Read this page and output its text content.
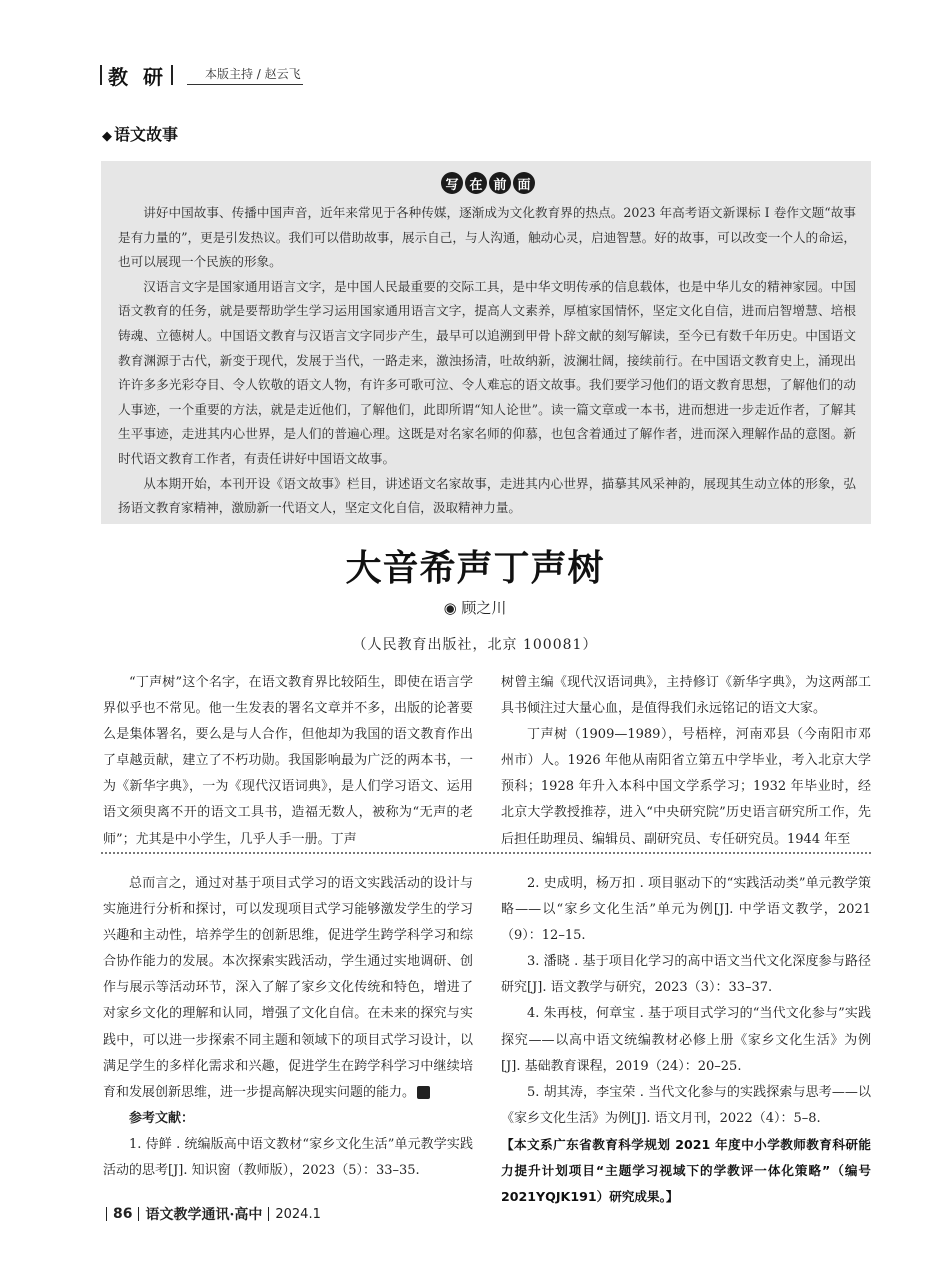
教 研	本版主持 / 赵云飞
◆ 语文故事
写 在 前 面

讲好中国故事、传播中国声音，近年来常见于各种传媒，逐渐成为文化教育界的热点。2023 年高考语文新课标 Ⅰ 卷作文题“故事是有力量的”，更是引发热议。我们可以借助故事，展示自己，与人沟通，触动心灵，启迪智慧。好的故事，可以改变一个人的命运，也可以展现一个民族的形象。

汉语言文字是国家通用语言文字，是中国人民最重要的交际工具，是中华文明传承的信息载体，也是中华儿女的精神家园。中国语文教育的任务，就是要帮助学生学习运用国家通用语言文字，提高人文素养，厚植家国情怀，坚定文化自信，进而启智增慧、培根铸魂、立德树人。中国语文教育与汉语言文字同步产生，最早可以追溯到甲骨卜辞文献的刻写解读，至今已有数千年历史。中国语文教育渊源于古代，新变于现代，发展于当代，一路走来，激浊扬清，吐故纳新，波澜壮阔，接续前行。在中国语文教育史上，涌现出许许多多光彩夺目、令人钦敬的语文人物，有许多可歌可泣、令人难忘的语文故事。我们要学习他们的语文教育思想，了解他们的动人事迹，一个重要的方法，就是走近他们，了解他们，此即所谓“知人论世”。读一篇文章或一本书，进而想进一步走近作者，了解其生平事迹，走进其内心世界，是人们的普遍心理。这既是对名家名师的仰慕，也包含着通过了解作者，进而深入理解作品的意图。新时代语文教育工作者，有责任讲好中国语文故事。

从本期开始，本刊开设《语文故事》栏目，讲述语文名家故事，走进其内心世界，描摹其风采神韵，展现其生动立体的形象，弘扬语文教育家精神，激励新一代语文人，坚定文化自信，汲取精神力量。

大音希声丁声树
◉ 顾之川
（人民教育出版社，北京 100081）

“丁声树”这个名字，在语文教育界比较陌生，即使在语言学界似乎也不常见。他一生发表的署名文章并不多，出版的论著要么是集体署名，要么是与人合作，但他却为我国的语文教育作出了卓越贡献，建立了不朽功勋。我国影响最为广泛的两本书，一为《新华字典》，一为《现代汉语词典》，是人们学习语文、运用语文须臾离不开的语文工具书，造福无数人，被称为“无声的老师”；尤其是中小学生，几乎人手一册。丁声

树曾主编《现代汉语词典》，主持修订《新华字典》，为这两部工具书倾注过大量心血，是值得我们永远铭记的语文大家。

丁声树（1909—1989），号梧梓，河南邓县（今南阳市邓州市）人。1926 年他从南阳省立第五中学毕业，考入北京大学预科；1928 年升入本科中国文学系学习；1932 年毕业时，经北京大学教授推荐，进入“中央研究院”历史语言研究所工作，先后担任助理员、编辑员、副研究员、专任研究员。1944 年至

总而言之，通过对基于项目式学习的语文实践活动的设计与实施进行分析和探讨，可以发现项目式学习能够激发学生的学习兴趣和主动性，培养学生的创新思维，促进学生跨学科学习和综合协作能力的发展。本次探索实践活动，学生通过实地调研、创作与展示等活动环节，深入了解了家乡文化传统和特色，增进了对家乡文化的理解和认同，增强了文化自信。在未来的探究与实践中，可以进一步探索不同主题和领域下的项目式学习设计，以满足学生的多样化需求和兴趣，促进学生在跨学科学习中继续培育和发展创新思维，进一步提高解决现实问题的能力。 ❷

参考文献：

1. 侍鲜 . 统编版高中语文教材“家乡文化生活”单元教学实践活动的思考[J]. 知识窗（教师版），2023（5）：33–35.

2. 史成明，杨万扣 . 项目驱动下的“实践活动类”单元教学策略——以“家乡文化生活”单元为例[J]. 中学语文教学，2021（9）：12–15.

3. 潘晓 . 基于项目化学习的高中语文当代文化深度参与路径研究[J]. 语文教学与研究，2023（3）：33–37.

4. 朱再枝，何章宝 . 基于项目式学习的“当代文化参与”实践探究——以高中语文统编教材必修上册《家乡文化生活》为例[J]. 基础教育课程，2019（24）：20–25.

5. 胡其涛，李宝荣 . 当代文化参与的实践探索与思考——以《家乡文化生活》为例[J]. 语文月刊，2022（4）：5–8.

【本文系广东省教育科学规划 2021 年度中小学教师教育科研能力提升计划项目“主题学习视域下的学教评一体化策略”（编号 2021YQJK191）研究成果。】

86 语文教学通讯·高中 2024.1
